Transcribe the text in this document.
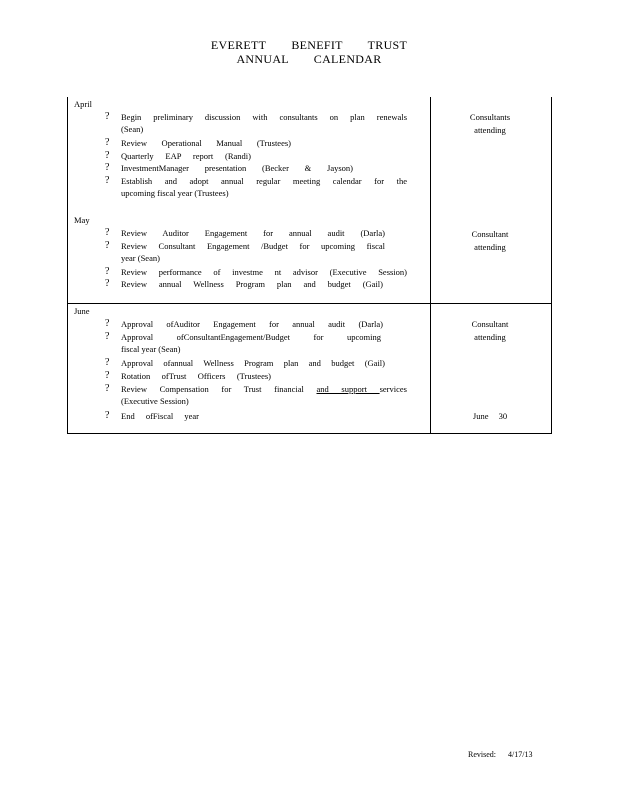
EVERETT BENEFIT TRUST
ANNUAL CALENDAR
April
? Begin preliminary discussion with consultants on plan renewals
(Sean)
? Review Operational Manual (Trustees)
? Quarterly EAP report (Randi)
? InvestmentManager presentation (Becker & Jayson)
? Establish and adopt annual regular meeting calendar for the
upcoming fiscal year (Trustees)
Consultants
attending
May
? Review Auditor Engagement for annual audit (Darla)
? Review Consultant Engagement /Budget for upcoming fiscal
year (Sean)
? Review performance of investme nt advisor (Executive Session)
? Review annual Wellness Program plan and budget (Gail)
Consultant
attending
June
? Approval ofAuditor Engagement for annual audit (Darla)
? Approval ofConsultantEngagement/Budget for upcoming
fiscal year (Sean)
? Approval ofannual Wellness Program plan and budget (Gail)
? Rotation ofTrust Officers (Trustees)
? Review Compensation for Trust financial and support services
(Executive Session)
? End ofFiscal year
Consultant
attending
June 30
Revised: 4/17/13
